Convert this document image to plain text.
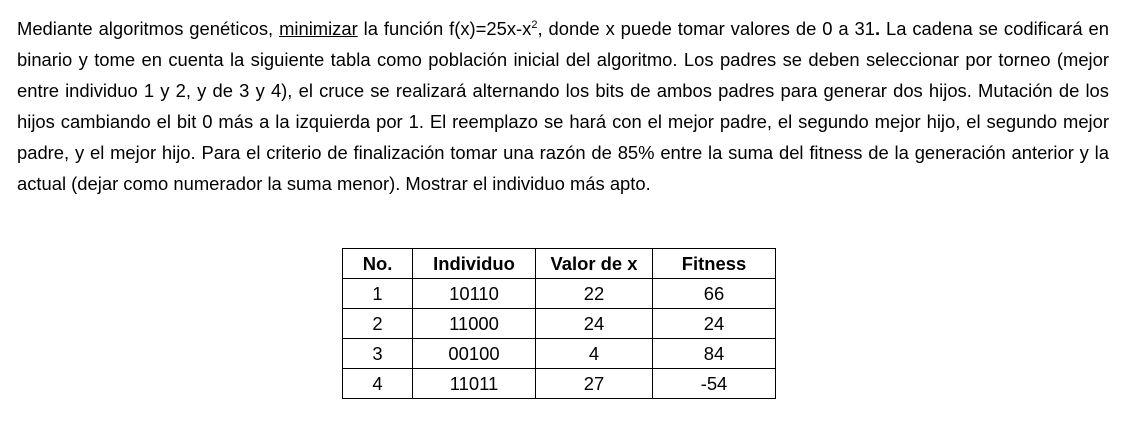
Mediante algoritmos genéticos, minimizar la función $f(x)=25x-x^2$, donde x puede tomar valores de 0 a 31. La cadena se codificará en binario y tome en cuenta la siguiente tabla como población inicial del algoritmo. Los padres se deben seleccionar por torneo (mejor entre individuo 1 y 2, y de 3 y 4), el cruce se realizará alternando los bits de ambos padres para generar dos hijos. Mutación de los hijos cambiando el bit 0 más a la izquierda por 1. El reemplazo se hará con el mejor padre, el segundo mejor hijo, el segundo mejor padre, y el mejor hijo. Para el criterio de finalización tomar una razón de 85% entre la suma del fitness de la generación anterior y la actual (dejar como numerador la suma menor). Mostrar el individuo más apto.

No.	Individuo	Valor de x	Fitness
1	10110	22	66
2	11000	24	24
3	00100	4	84
4	11011	27	-54
